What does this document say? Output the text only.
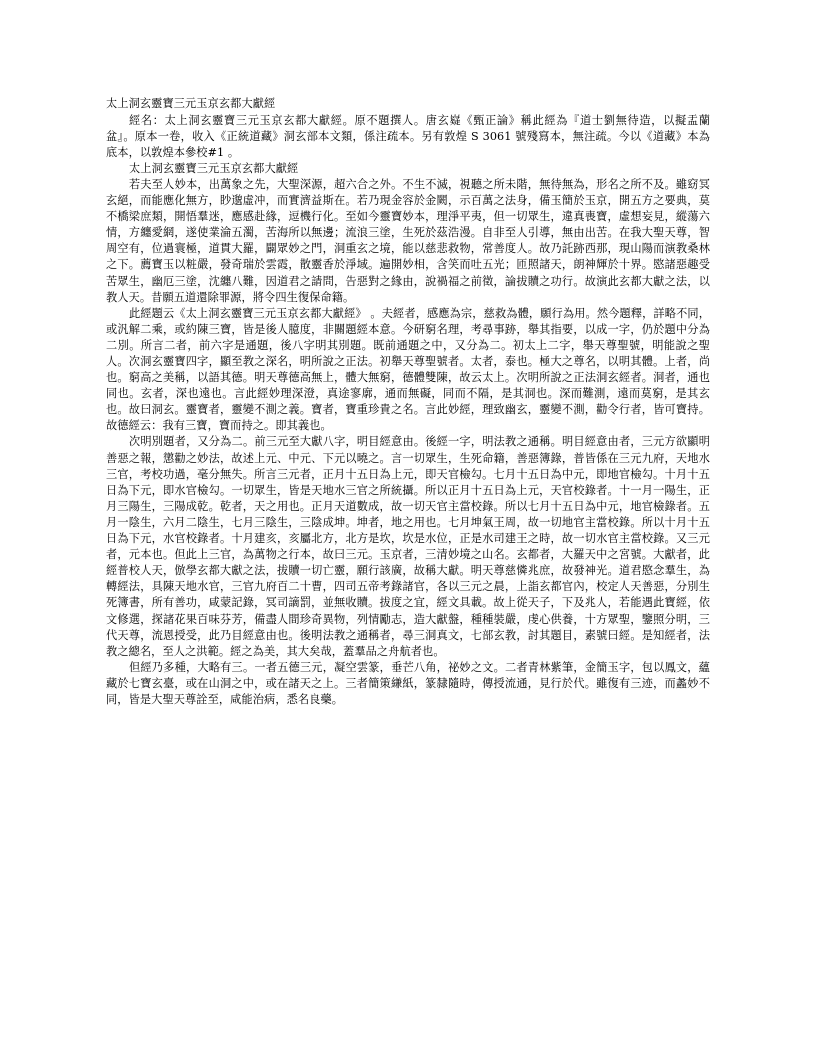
太上洞玄靈寶三元玉京玄都大獻經

經名：太上洞玄靈寶三元玉京玄都大獻經。原不題撰人。唐玄嶷《甄正論》稱此經為『道士劉無待造，以擬盂蘭盆』。原本一卷，收入《正統道藏》洞玄部本文類，係注疏本。另有敦煌 S 3061 號殘寫本，無注疏。今以《道藏》本為底本，以敦煌本參校#1 。

太上洞玄靈寶三元玉京玄都大獻經

若夫至人妙本，出萬象之先，大聖深源，超六合之外。不生不滅，視聽之所未階，無待無為，形名之所不及。雖窈冥玄絕，而能應化無方，眇邈虛冲，而實濟益斯在。若乃現金容於金闕，示百萬之法身，備玉簡於玉京，開五方之要典，莫不橋梁庶類，開悟羣迷，應感赴緣，逗機行化。至如今靈寶妙本，理淨平夷，但一切眾生，違真喪寶，虛想妄見，縱蕩六情，方纏愛網，遂使業淪五濁，苦海所以無邊；流浪三塗，生死於茲浩漫。自非至人引導，無由出苦。在我大聖天尊，智周空有，位過寰極，道貫大羅，闢眾妙之門，洞重玄之境，能以慈悲救物，常善度人。故乃託跡西那，現山陽而演教桑林之下。薦寶玉以粧嚴，發奇瑞於雲霞，散靈香於淨域。遍開妙相，含笑而吐五光；匝照諸天，朗神輝於十界。愍諸惡趣受苦眾生，幽厄三塗，沈纏八難，因道君之請問，告惡對之緣由，說禍福之前徵，論拔贖之功行。故演此玄都大獻之法，以教人天。昔願五道還除罪源，將令四生復保命籍。

此經題云《太上洞玄靈寶三元玉京玄都大獻經》 。夫經者，感應為宗，慈救為體，願行為用。然今題釋，詳略不同，或汎解二乘，或約陳三寶，皆是後人臆度，非關題經本意。今研窮名理，考尋事跡，舉其指要，以成一字，仍於題中分為二別。所言二者，前六字是通題，後八字明其別題。既前通題之中，又分為二。初太上二字，舉天尊聖號，明能說之聖人。次洞玄靈寶四字，顯至教之深名，明所說之正法。初舉天尊聖號者。太者，泰也。極大之尊名，以明其體。上者，尚也。窮高之美稱，以語其德。明天尊德高無上，體大無窮，德體雙陳，故云太上。次明所說之正法洞玄經者。洞者，通也同也。玄者，深也遠也。言此經妙理深澄，真途寥廓，通而無礙，同而不隔，是其洞也。深而難測，遠而莫窮，是其玄也。故曰洞玄。靈寶者，靈變不測之義。寶者，寶重珍貴之名。言此妙經，理致幽玄，靈變不測，勸令行者，皆可寶持。故德經云：我有三寶，寶而持之。即其義也。

次明別題者，又分為二。前三元至大獻八字，明目經意由。後經一字，明法教之通稱。明目經意由者，三元方欲顯明善惡之報，懲勸之妙法，故述上元、中元、下元以曉之。言一切眾生，生死命籍，善惡簿錄，普皆係在三元九府，天地水三官，考校功過，毫分無失。所言三元者，正月十五日為上元，即天官檢勾。七月十五日為中元，即地官檢勾。十月十五日為下元，即水官檢勾。一切眾生，皆是天地水三官之所統攝。所以正月十五日為上元，天官校錄者。十一月一陽生，正月三陽生，三陽成乾。乾者，天之用也。正月天道數成，故一切天官主當校錄。所以七月十五日為中元，地官檢錄者。五月一陰生，六月二陰生，七月三陰生，三陰成坤。坤者，地之用也。七月坤氣王周，故一切地官主當校錄。所以十月十五日為下元，水官校錄者。十月建亥，亥屬北方，北方是坎，坎是水位，正是水司建王之時，故一切水官主當校錄。又三元者，元本也。但此上三官，為萬物之行本，故曰三元。玉京者，三清妙境之山名。玄都者，大羅天中之宮號。大獻者，此經普校人天，倣學玄都大獻之法，拔贖一切亡靈，願行該廣，故稱大獻。明天尊慈憐兆庶，故發神光。道君愍念羣生，為轉經法，具陳天地水官，三官九府百二十曹，四司五帝考錄諸官，各以三元之晨，上詣玄都官內，校定人天善惡，分別生死簿書，所有善功，咸蒙記錄，冥司謫罰，並無收贖。拔度之宜，經文具載。故上從天子，下及兆人，若能遇此寶經，依文修選，探諸花果百味芬芳，備盡人間珍奇異物，列情勵志，造大獻盤，種種裝嚴，虔心供養，十方眾聖，鑒照分明，三代天尊，流恩授受，此乃目經意由也。後明法教之通稱者，尋三洞真文，七部玄教，討其題目，素號曰經。是知經者，法教之總名，至人之洪範。經之為美，其大矣哉，蓋羣品之舟航者也。

但經乃多種，大略有三。一者五德三元，凝空雲篆，垂芒八角，祕妙之文。二者青林紫筆，金簡玉字，包以鳳文，蘊藏於七寶玄臺，或在山洞之中，或在諸天之上。三者簡策縑紙，篆隸隨時，傳授流通，見行於代。雖復有三迹，而蠡妙不同，皆是大聖天尊詮至，咸能治病，悉名良藥。
